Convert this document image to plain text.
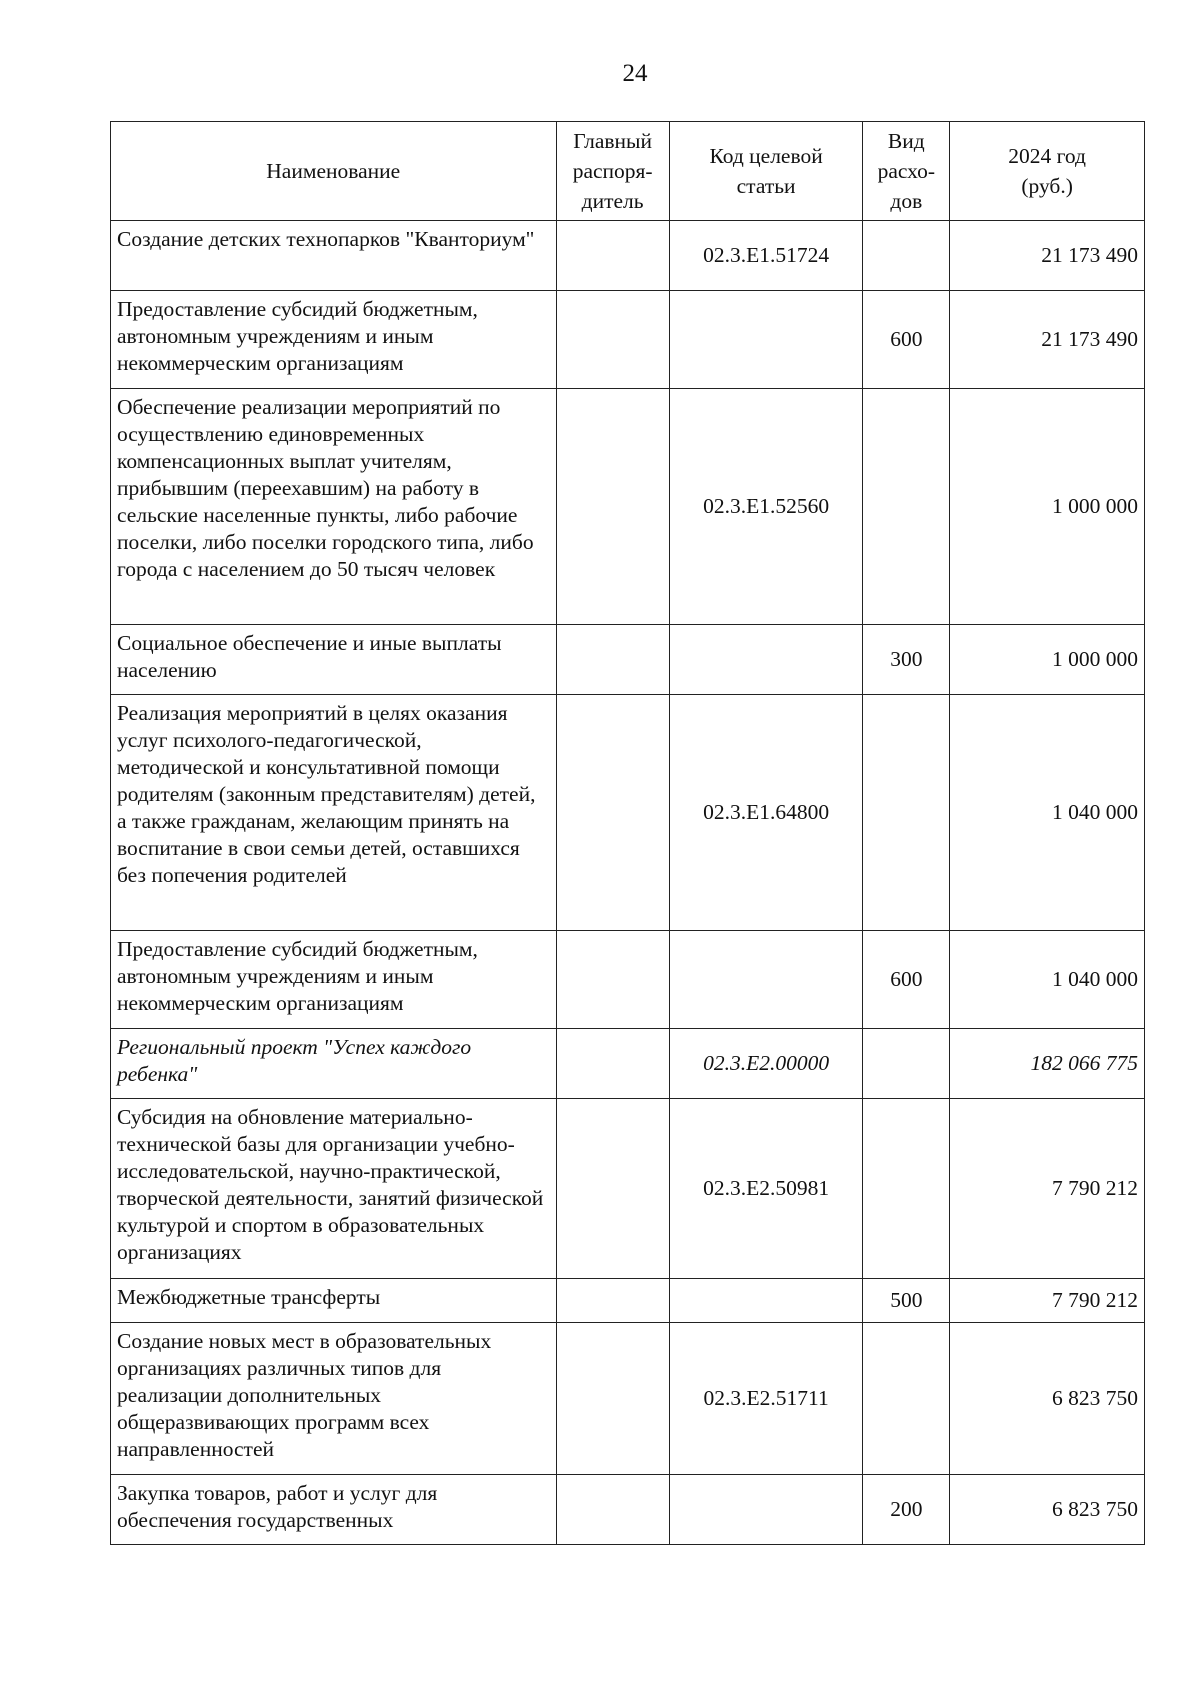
24
Наименование	Главный распоря-дитель	Код целевой статьи	Вид расхо-дов	2024 год (руб.)

Создание детских технопарков "Кванториум"		02.3.Е1.51724		21 173 490
Предоставление субсидий бюджетным, автономным учреждениям и иным некоммерческим организациям			600	21 173 490
Обеспечение реализации мероприятий по осуществлению единовременных компенсационных выплат учителям, прибывшим (переехавшим) на работу в сельские населенные пункты, либо рабочие поселки, либо поселки городского типа, либо города с населением до 50 тысяч человек		02.3.Е1.52560		1 000 000
Социальное обеспечение и иные выплаты населению			300	1 000 000
Реализация мероприятий в целях оказания услуг психолого-педагогической, методической и консультативной помощи родителям (законным представителям) детей, а также гражданам, желающим принять на воспитание в свои семьи детей, оставшихся без попечения родителей		02.3.Е1.64800		1 040 000
Предоставление субсидий бюджетным, автономным учреждениям и иным некоммерческим организациям			600	1 040 000
Региональный проект "Успех каждого ребенка"		02.3.Е2.00000		182 066 775
Субсидия на обновление материально-технической базы для организации учебно-исследовательской, научно-практической, творческой деятельности, занятий физической культурой и спортом в образовательных организациях		02.3.Е2.50981		7 790 212
Межбюджетные трансферты			500	7 790 212
Создание новых мест в образовательных организациях различных типов для реализации дополнительных общеразвивающих программ всех направленностей		02.3.Е2.51711		6 823 750
Закупка товаров, работ и услуг для обеспечения государственных			200	6 823 750
